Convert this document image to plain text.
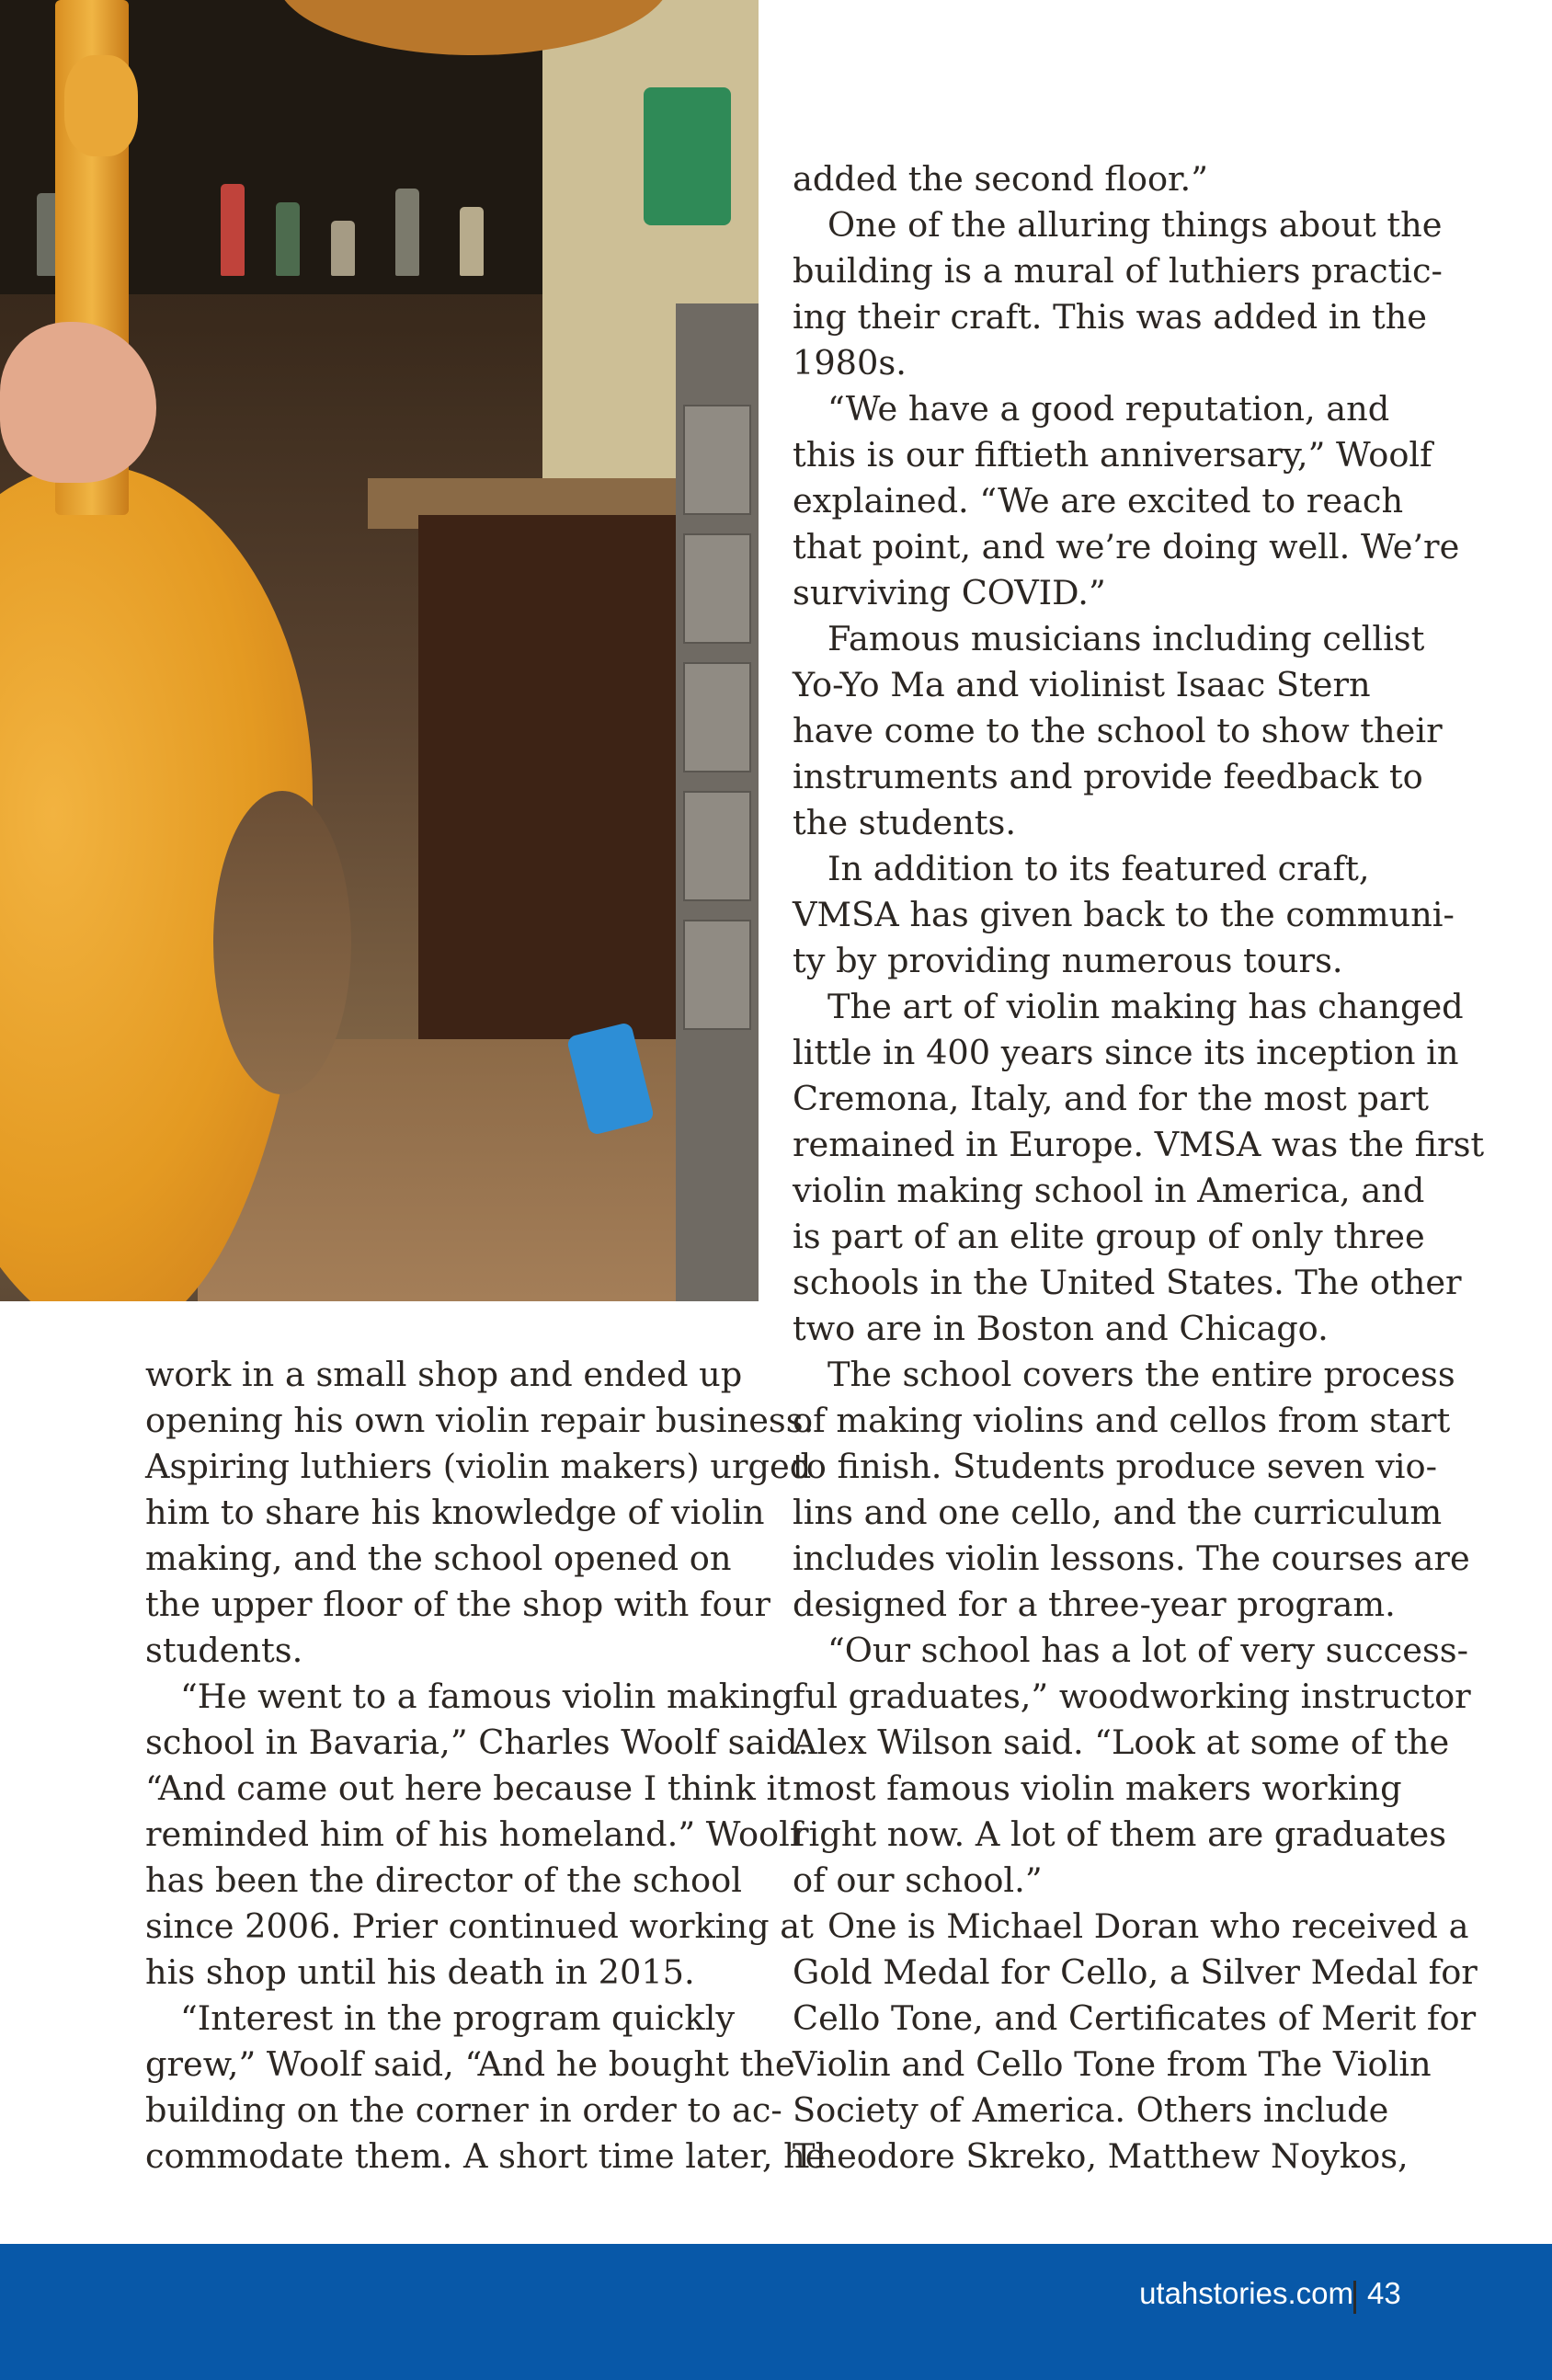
work in a small shop and ended up

opening his own violin repair business.

Aspiring luthiers (violin makers) urged

him to share his knowledge of violin

making, and the school opened on

the upper floor of the shop with four

students.

“He went to a famous violin making

school in Bavaria,” Charles Woolf said.

“And came out here because I think it

reminded him of his homeland.” Woolf

has been the director of the school

since 2006. Prier continued working at

his shop until his death in 2015.

“Interest in the program quickly

grew,” Woolf said, “And he bought the

building on the corner in order to ac-

commodate them. A short time later, he

added the second floor.”

One of the alluring things about the

building is a mural of luthiers practic-

ing their craft. This was added in the

1980s.

“We have a good reputation, and

this is our fiftieth anniversary,” Woolf

explained. “We are excited to reach

that point, and we’re doing well. We’re

surviving COVID.”

Famous musicians including cellist

Yo-Yo Ma and violinist Isaac Stern

have come to the school to show their

instruments and provide feedback to

the students.

In addition to its featured craft,

VMSA has given back to the communi-

ty by providing numerous tours.

The art of violin making has changed

little in 400 years since its inception in

Cremona, Italy, and for the most part

remained in Europe. VMSA was the first

violin making school in America, and

is part of an elite group of only three

schools in the United States. The other

two are in Boston and Chicago.

The school covers the entire process

of making violins and cellos from start

to finish. Students produce seven vio-

lins and one cello, and the curriculum

includes violin lessons. The courses are

designed for a three-year program.

“Our school has a lot of very success-

ful graduates,” woodworking instructor

Alex Wilson said. “Look at some of the

most famous violin makers working

right now. A lot of them are graduates

of our school.”

One is Michael Doran who received a

Gold Medal for Cello, a Silver Medal for

Cello Tone, and Certificates of Merit for

Violin and Cello Tone from The Violin

Society of America. Others include

Theodore Skreko, Matthew Noykos,

utahstories.com 43
